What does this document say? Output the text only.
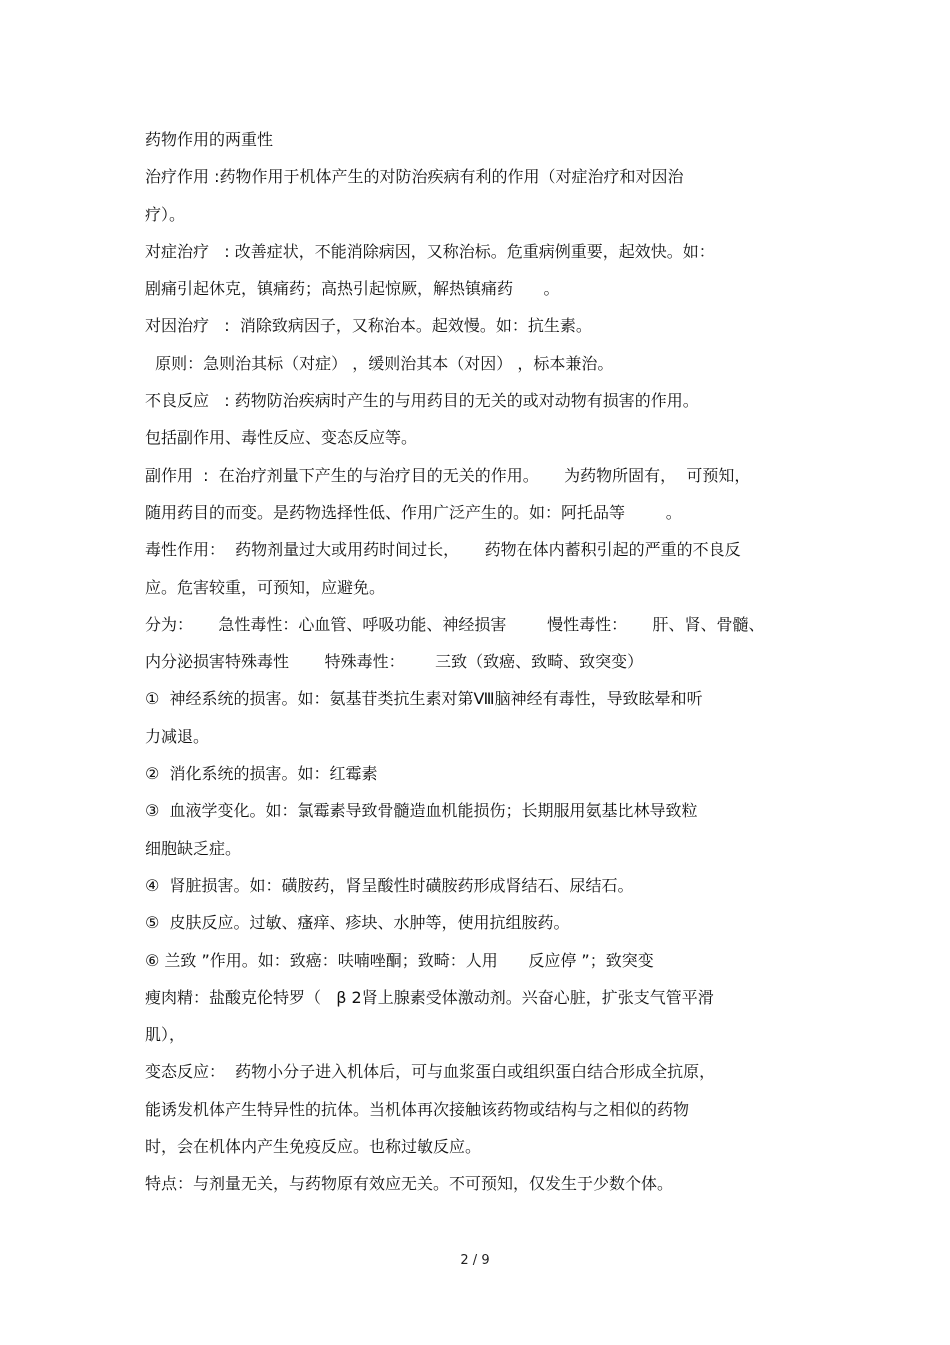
药物作用的两重性
治疗作用 :药物作用于机体产生的对防治疾病有利的作用（对症治疗和对因治
疗）。
对症治疗   : 改善症状，不能消除病因，又称治标。危重病例重要，起效快。如：
剧痛引起休克，镇痛药；高热引起惊厥，解热镇痛药      。
对因治疗   :  消除致病因子，又称治本。起效慢。如：抗生素。
原则：急则治其标（对症） ，缓则治其本（对因） ，标本兼治。
不良反应   : 药物防治疾病时产生的与用药目的无关的或对动物有损害的作用。
包括副作用、毒性反应、变态反应等。
副作用  :  在治疗剂量下产生的与治疗目的无关的作用。     为药物所固有，  可预知，
随用药目的而变。是药物选择性低、作用广泛产生的。如：阿托品等        。
毒性作用：  药物剂量过大或用药时间过长，     药物在体内蓄积引起的严重的不良反
应。危害较重，可预知，应避免。
分为：     急性毒性：心血管、呼吸功能、神经损害        慢性毒性：     肝、肾、骨髓、
内分泌损害特殊毒性       特殊毒性：      三致（致癌、致畸、致突变）
①  神经系统的损害。如：氨基苷类抗生素对第Ⅷ脑神经有毒性，导致眩晕和听
力减退。
②  消化系统的损害。如：红霉素
③  血液学变化。如：氯霉素导致骨髓造血机能损伤；长期服用氨基比林导致粒
细胞缺乏症。
④  肾脏损害。如：磺胺药，肾呈酸性时磺胺药形成肾结石、尿结石。
⑤  皮肤反应。过敏、瘙痒、疹块、水肿等，使用抗组胺药。
⑥ 兰致 ”作用。如：致癌：呋喃唑酮；致畸：人用      反应停 ”；致突变
瘦肉精：盐酸克伦特罗（   β 2肾上腺素受体激动剂。兴奋心脏，扩张支气管平滑
肌），
变态反应：  药物小分子进入机体后，可与血浆蛋白或组织蛋白结合形成全抗原，
能诱发机体产生特异性的抗体。当机体再次接触该药物或结构与之相似的药物
时，会在机体内产生免疫反应。也称过敏反应。
特点：与剂量无关，与药物原有效应无关。不可预知，仅发生于少数个体。
2 / 9
